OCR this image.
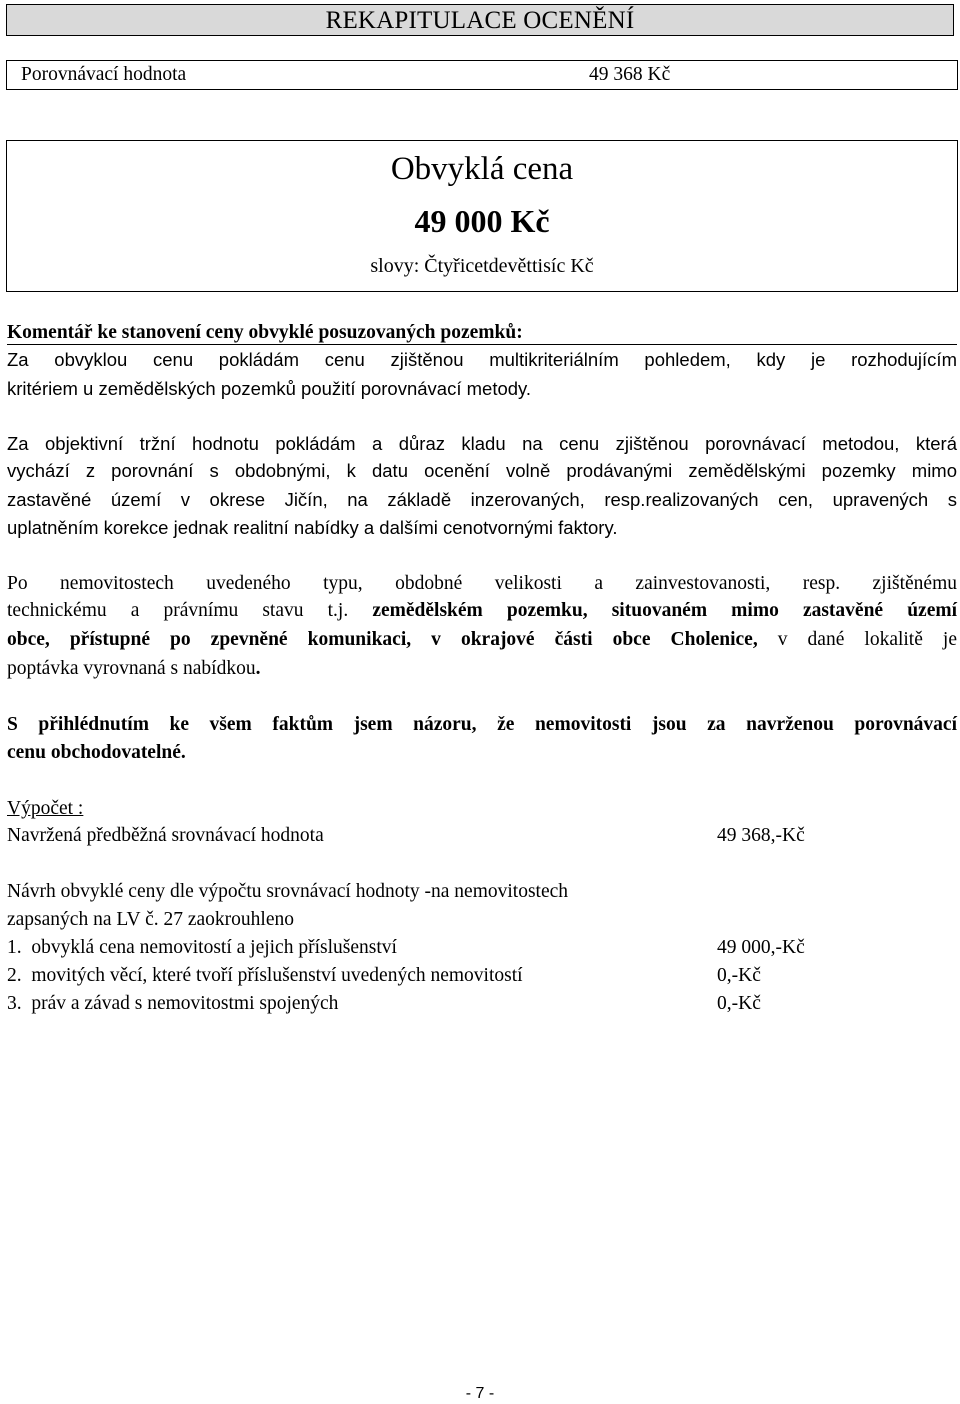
REKAPITULACE OCENĚNÍ
Porovnávací hodnota	49 368 Kč
Obvyklá cena
49 000 Kč
slovy: Čtyřicetdevěttisíc Kč
Komentář ke stanovení ceny obvyklé posuzovaných pozemků:
Za obvyklou cenu pokládám cenu zjištěnou multikriteriálním pohledem, kdy je rozhodujícím
kritériem u zemědělských pozemků použití porovnávací metody.
Za objektivní tržní hodnotu pokládám a důraz kladu na cenu zjištěnou porovnávací metodou, která
vychází z porovnání s obdobnými, k datu ocenění volně prodávanými zemědělskými pozemky mimo
zastavěné území v okrese Jičín, na základě inzerovaných, resp.realizovaných cen, upravených s
uplatněním korekce jednak realitní nabídky a dalšími cenotvornými faktory.
Po nemovitostech uvedeného typu, obdobné velikosti a zainvestovanosti, resp. zjištěnému
technickému a právnímu stavu t.j. zemědělském pozemku, situovaném mimo zastavěné území
obce, přístupné po zpevněné komunikaci, v okrajové části obce Cholenice, v dané lokalitě je
poptávka vyrovnaná s nabídkou.
S přihlédnutím ke všem faktům jsem názoru, že nemovitosti jsou za navrženou porovnávací
cenu obchodovatelné.
Výpočet :
Navržená předběžná srovnávací hodnota	49 368,-Kč
Návrh obvyklé ceny dle výpočtu srovnávací hodnoty -na nemovitostech
zapsaných na LV č. 27 zaokrouhleno
1.  obvyklá cena nemovitostí a jejich příslušenství	49 000,-Kč
2.  movitých věcí, které tvoří příslušenství uvedených nemovitostí	0,-Kč
3.  práv a závad s nemovitostmi spojených	0,-Kč
- 7 -
